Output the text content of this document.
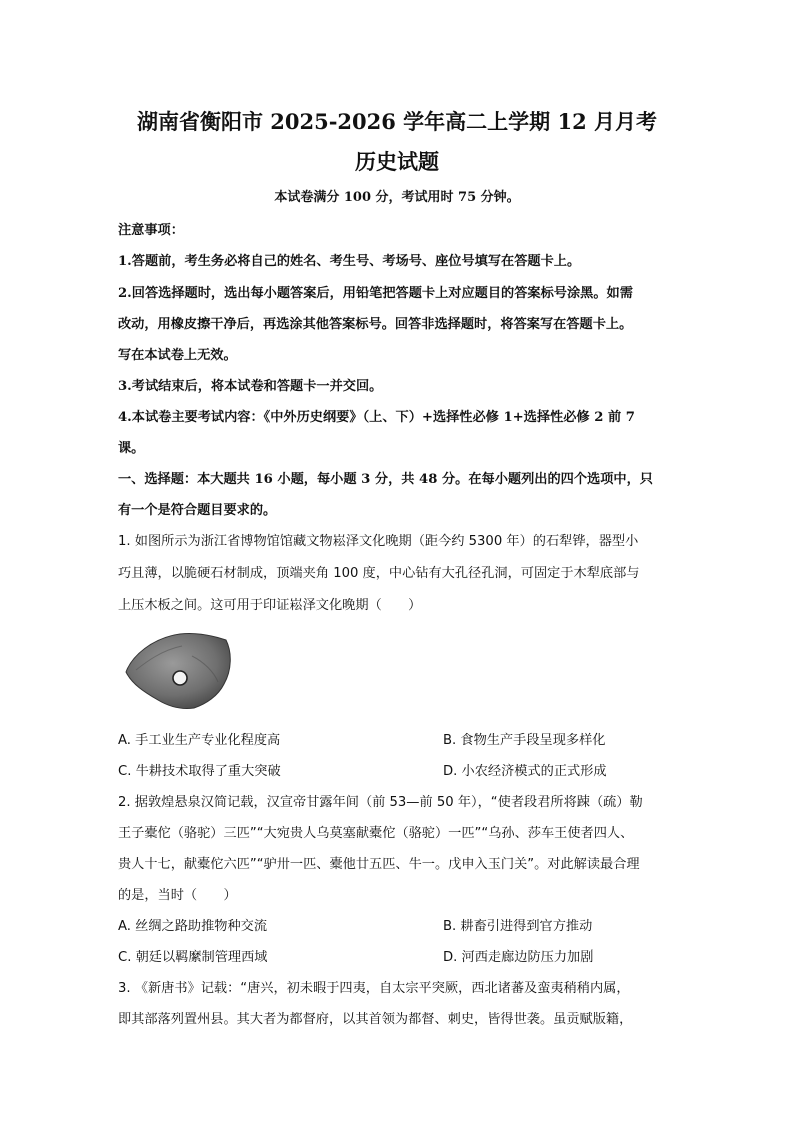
湖南省衡阳市 2025-2026 学年高二上学期 12 月月考
历史试题
本试卷满分 100 分，考试用时 75 分钟。
注意事项：
1.答题前，考生务必将自己的姓名、考生号、考场号、座位号填写在答题卡上。
2.回答选择题时，选出每小题答案后，用铅笔把答题卡上对应题目的答案标号涂黑。如需
改动，用橡皮擦干净后，再选涂其他答案标号。回答非选择题时，将答案写在答题卡上。
写在本试卷上无效。
3.考试结束后，将本试卷和答题卡一并交回。
4.本试卷主要考试内容：《中外历史纲要》（上、下）+选择性必修 1+选择性必修 2 前 7
课。
一、选择题：本大题共 16 小题，每小题 3 分，共 48 分。在每小题列出的四个选项中，只
有一个是符合题目要求的。
1. 如图所示为浙江省博物馆馆藏文物崧泽文化晚期（距今约 5300 年）的石犁铧，器型小
巧且薄，以脆硬石材制成，顶端夹角 100 度，中心钻有大孔径孔洞，可固定于木犁底部与
上压木板之间。这可用于印证崧泽文化晚期（　　）
A. 手工业生产专业化程度高	B. 食物生产手段呈现多样化
C. 牛耕技术取得了重大突破	D. 小农经济模式的正式形成
2. 据敦煌悬泉汉简记载，汉宣帝甘露年间（前 53—前 50 年），“使者段君所将踈（疏）勒
王子橐佗（骆驼）三匹”“大宛贵人乌莫塞献橐佗（骆驼）一匹”“乌孙、莎车王使者四人、
贵人十七，献橐佗六匹”“驴卅一匹、橐他廿五匹、牛一。戊申入玉门关”。对此解读最合理
的是，当时（　　）
A. 丝绸之路助推物种交流	B. 耕畜引进得到官方推动
C. 朝廷以羁縻制管理西域	D. 河西走廊边防压力加剧
3. 《新唐书》记载：“唐兴，初未暇于四夷，自太宗平突厥，西北诸蕃及蛮夷稍稍内属，
即其部落列置州县。其大者为都督府，以其首领为都督、刺史，皆得世袭。虽贡赋版籍，
